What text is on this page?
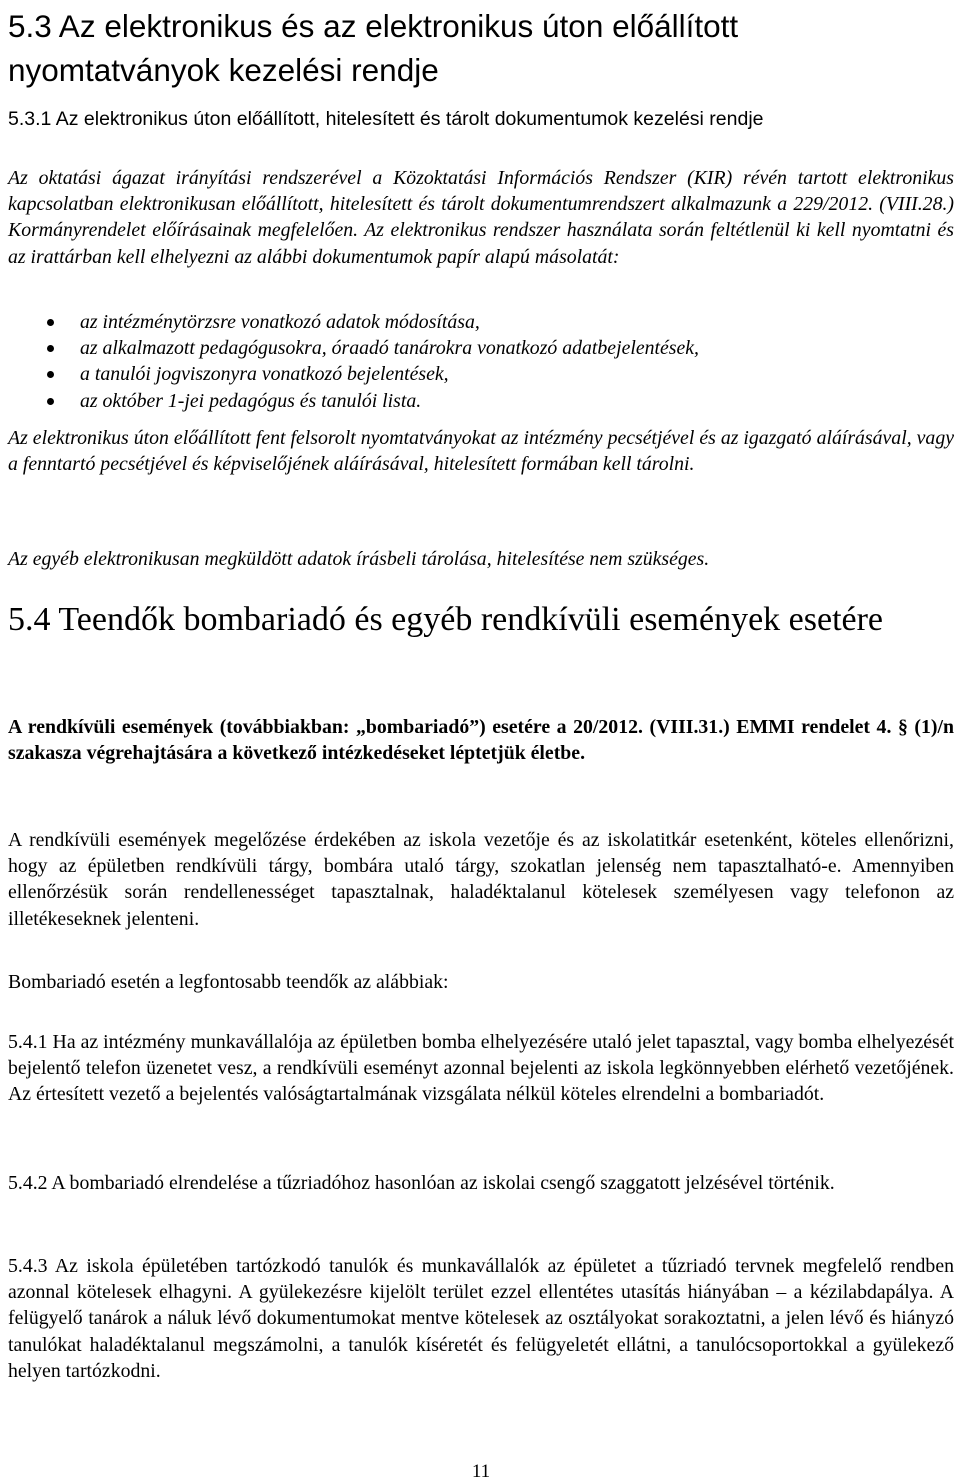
5.3 Az elektronikus és az elektronikus úton előállított nyomtatványok kezelési rendje
5.3.1 Az elektronikus úton előállított, hitelesített és tárolt dokumentumok kezelési rendje

Az oktatási ágazat irányítási rendszerével a Közoktatási Információs Rendszer (KIR) révén tartott elektronikus kapcsolatban elektronikusan előállított, hitelesített és tárolt dokumentumrendszert alkalmazunk a 229/2012. (VIII.28.) Kormányrendelet előírásainak megfelelően. Az elektronikus rendszer használata során feltétlenül ki kell nyomtatni és az irattárban kell elhelyezni az alábbi dokumentumok papír alapú másolatát:

az intézménytörzsre vonatkozó adatok módosítása,
az alkalmazott pedagógusokra, óraadó tanárokra vonatkozó adatbejelentések,
a tanulói jogviszonyra vonatkozó bejelentések,
az október 1-jei pedagógus és tanulói lista.

Az elektronikus úton előállított fent felsorolt nyomtatványokat az intézmény pecsétjével és az igazgató aláírásával, vagy a fenntartó pecsétjével és képviselőjének aláírásával, hitelesített formában kell tárolni.

Az egyéb elektronikusan megküldött adatok írásbeli tárolása, hitelesítése nem szükséges.

5.4 Teendők bombariadó és egyéb rendkívüli események esetére

A rendkívüli események (továbbiakban: „bombariadó”) esetére a 20/2012. (VIII.31.) EMMI rendelet 4. § (1)/n szakasza végrehajtására a következő intézkedéseket léptetjük életbe.

A rendkívüli események megelőzése érdekében az iskola vezetője és az iskolatitkár esetenként, köteles ellenőrizni, hogy az épületben rendkívüli tárgy, bombára utaló tárgy, szokatlan jelenség nem tapasztalható-e. Amennyiben ellenőrzésük során rendellenességet tapasztalnak, haladéktalanul kötelesek személyesen vagy telefonon az illetékeseknek jelenteni.

Bombariadó esetén a legfontosabb teendők az alábbiak:

5.4.1 Ha az intézmény munkavállalója az épületben bomba elhelyezésére utaló jelet tapasztal, vagy bomba elhelyezését bejelentő telefon üzenetet vesz, a rendkívüli eseményt azonnal bejelenti az iskola legkönnyebben elérhető vezetőjének. Az értesített vezető a bejelentés valóságtartalmának vizsgálata nélkül köteles elrendelni a bombariadót.

5.4.2 A bombariadó elrendelése a tűzriadóhoz hasonlóan az iskolai csengő szaggatott jelzésével történik.

5.4.3 Az iskola épületében tartózkodó tanulók és munkavállalók az épületet a tűzriadó tervnek megfelelő rendben azonnal kötelesek elhagyni. A gyülekezésre kijelölt terület ezzel ellentétes utasítás hiányában – a kézilabdapálya. A felügyelő tanárok a náluk lévő dokumentumokat mentve kötelesek az osztályokat sorakoztatni, a jelen lévő és hiányzó tanulókat haladéktalanul megszámolni, a tanulók kíséretét és felügyeletét ellátni, a tanulócsoportokkal a gyülekező helyen tartózkodni.

11
